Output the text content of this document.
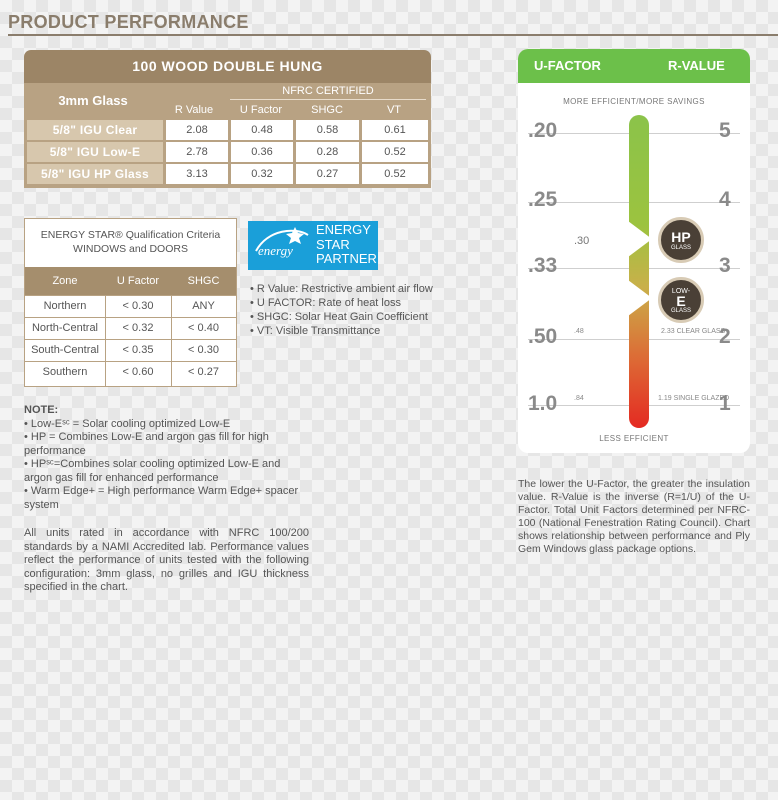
PRODUCT PERFORMANCE
100 WOOD DOUBLE HUNG
3mm Glass
NFRC CERTIFIED
R Value	U Factor	SHGC	VT
5/8" IGU Clear	2.08	0.48	0.58	0.61
5/8" IGU Low-E	2.78	0.36	0.28	0.52
5/8" IGU HP Glass	3.13	0.32	0.27	0.52
ENERGY STAR® Qualification Criteria
WINDOWS and DOORS
Zone	U Factor	SHGC
Northern	< 0.30	ANY
North-Central	< 0.32	< 0.40
South-Central	< 0.35	< 0.30
Southern	< 0.60	< 0.27
energy
ENERGY
STAR
PARTNER
• R Value: Restrictive ambient air flow
• U FACTOR: Rate of heat loss
• SHGC: Solar Heat Gain Coefficient
• VT: Visible Transmittance
NOTE:
• Low-Eˢᶜ = Solar cooling optimized Low-E
• HP = Combines Low-E and argon gas fill for high performance
• HPˢᶜ=Combines solar cooling optimized Low-E and argon gas fill for enhanced performance
• Warm Edge+ = High performance Warm Edge+ spacer system
All units rated in accordance with NFRC 100/200 standards by a NAMI Accredited lab. Performance values reflect the performance of units tested with the following configuration: 3mm glass, no grilles and IGU thickness specified in the chart.
U-FACTOR	R-VALUE
MORE EFFICIENT/MORE SAVINGS
.20
.25
.33
.50
1.0
5
4
3
2
1
.30
.48
.84
2.33 CLEAR GLASS
1.19 SINGLE GLAZED
HP
GLASS
LOW-
E
GLASS
LESS EFFICIENT
The lower the U-Factor, the greater the insulation value. R-Value is the inverse (R=1/U) of the U-Factor. Total Unit Factors determined per NFRC-100 (National Fenestration Rating Council). Chart shows relationship between performance and Ply Gem Windows glass package options.
